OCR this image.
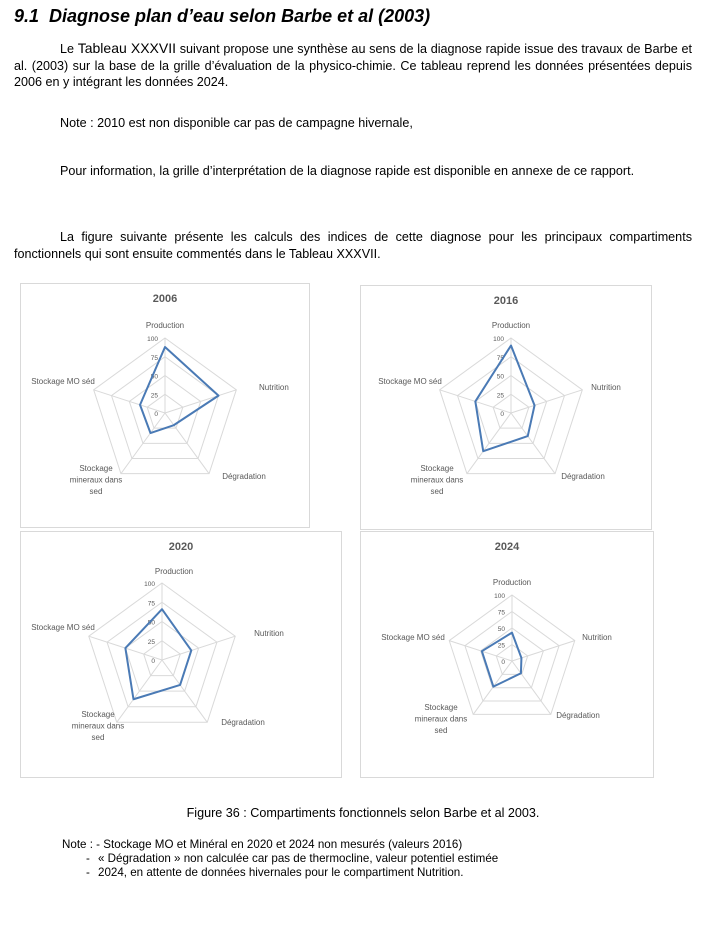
9.1 Diagnose plan d’eau selon Barbe et al (2003)
Le Tableau XXXVII suivant propose une synthèse au sens de la diagnose rapide issue des travaux de Barbe et al. (2003) sur la base de la grille d’évaluation de la physico-chimie. Ce tableau reprend les données présentées depuis 2006 en y intégrant les données 2024.
Note : 2010 est non disponible car pas de campagne hivernale,
Pour information, la grille d’interprétation de la diagnose rapide est disponible en annexe de ce rapport.
La figure suivante présente les calculs des indices de cette diagnose pour les principaux compartiments fonctionnels qui sont ensuite commentés dans le Tableau XXXVII.
2006
0
25
50
75
100
Production
Nutrition
Dégradation
Stockage mineraux dans sed
Stockage MO séd
2016
0
25
50
75
100
Production
Nutrition
Dégradation
Stockage mineraux dans sed
Stockage MO séd
2020
0
25
50
75
100
Production
Nutrition
Dégradation
Stockage mineraux dans sed
Stockage MO séd
2024
0
25
50
75
100
Production
Nutrition
Dégradation
Stockage mineraux dans sed
Stockage MO séd
Figure 36 : Compartiments fonctionnels selon Barbe et al 2003.
Note : - Stockage MO et Minéral en 2020 et 2024 non mesurés (valeurs 2016)
- « Dégradation » non calculée car pas de thermocline, valeur potentiel estimée
- 2024, en attente de données hivernales pour le compartiment Nutrition.
